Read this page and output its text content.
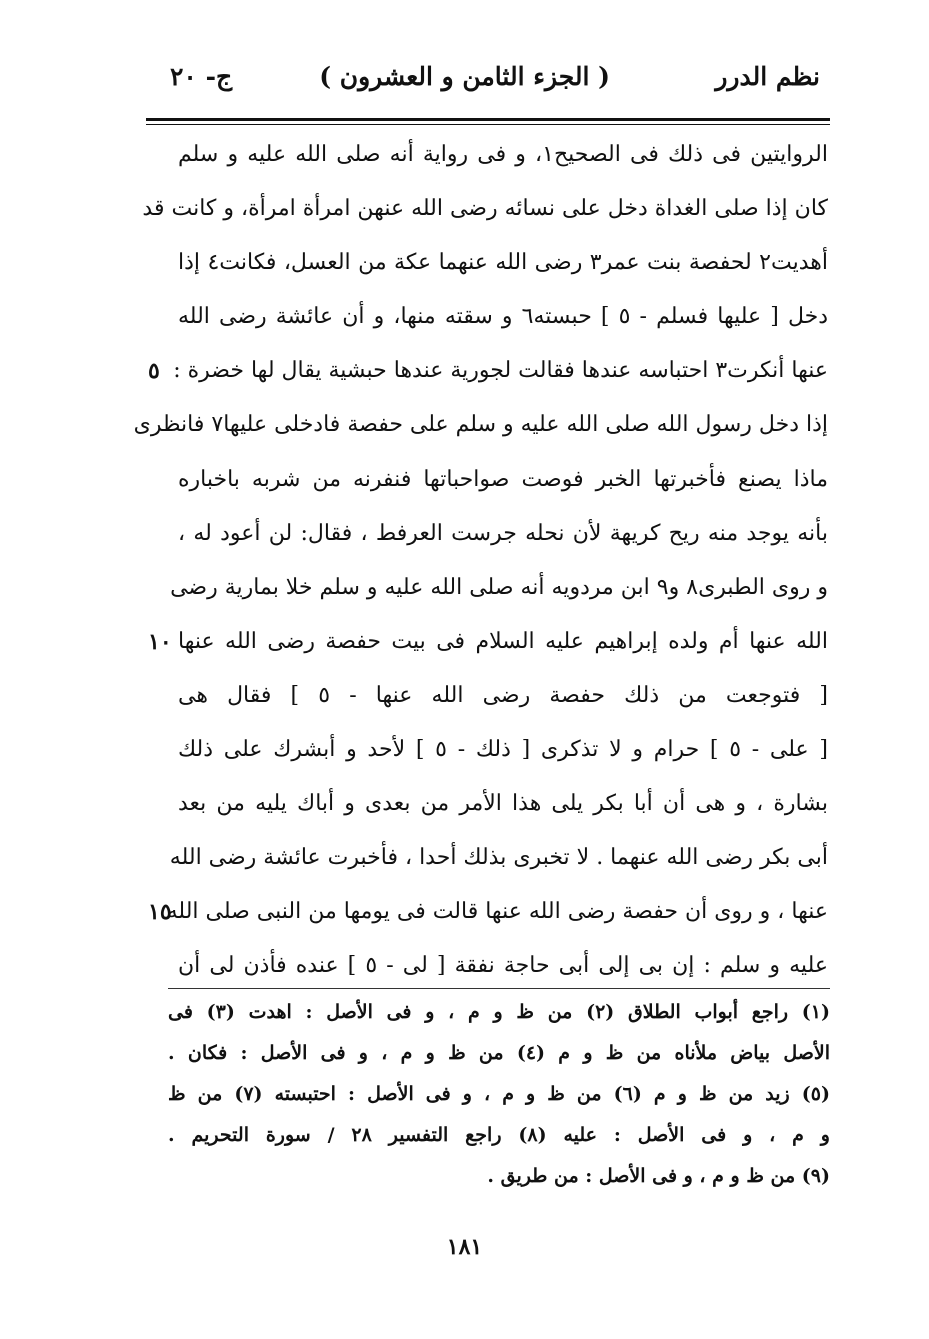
نظم الدرر
( الجزء الثامن و العشرون )
ج- ٢٠
الروايتين فى ذلك فى الصحيح١، و فى رواية أنه صلى الله عليه و سلم
كان إذا صلى الغداة دخل على نسائه رضى الله عنهن امرأة امرأة، و كانت قد
أهديت٢ لحفصة بنت عمر٣ رضى الله عنهما عكة من العسل، فكانت٤ إذا
دخل [ عليها فسلم - ٥ ] حبسته٦ و سقته منها، و أن عائشة رضى الله
عنها أنكرت٣ احتباسه عندها فقالت لجورية عندها حبشية يقال لها خضرة :
إذا دخل رسول الله صلى الله عليه و سلم على حفصة فادخلى عليها٧ فانظرى
ماذا يصنع فأخبرتها الخبر فوصت صواحباتها فنفرنه من شربه باخباره
بأنه يوجد منه ريح كريهة لأن نحله جرست العرفط ، فقال: لن أعود له ،
و روى الطبرى٨ و٩ ابن مردويه أنه صلى الله عليه و سلم خلا بمارية رضى
الله عنها أم ولده إبراهيم عليه السلام فى بيت حفصة رضى الله عنها
[ فتوجعت من ذلك حفصة رضى الله عنها - ٥ ] فقال هى
[ على - ٥ ] حرام و لا تذكرى [ ذلك - ٥ ] لأحد و أبشرك على ذلك
بشارة ، و هى أن أبا بكر يلى هذا الأمر من بعدى و أباك يليه من بعد
أبى بكر رضى الله عنهما . لا تخبرى بذلك أحدا ، فأخبرت عائشة رضى الله
عنها ، و روى أن حفصة رضى الله عنها قالت فى يومها من النبى صلى الله
عليه و سلم : إن بى إلى أبى حاجة نفقة [ لى - ٥ ] عنده فأذن لى أن
٥
١٠
١٥
(١) راجع أبواب الطلاق (٢) من ظ و م ، و فى الأصل : اهدت (٣) فى
الأصل بياض ملأناه من ظ و م (٤) من ظ و م ، و فى الأصل : فكان .
(٥) زيد من ظ و م (٦) من ظ و م ، و فى الأصل : احتبسته (٧) من ظ
و م ، و فى الأصل : عليه (٨) راجع التفسير ٢٨ / سورة التحريم .
(٩) من ظ و م ، و فى الأصل : من طريق .
١٨١
